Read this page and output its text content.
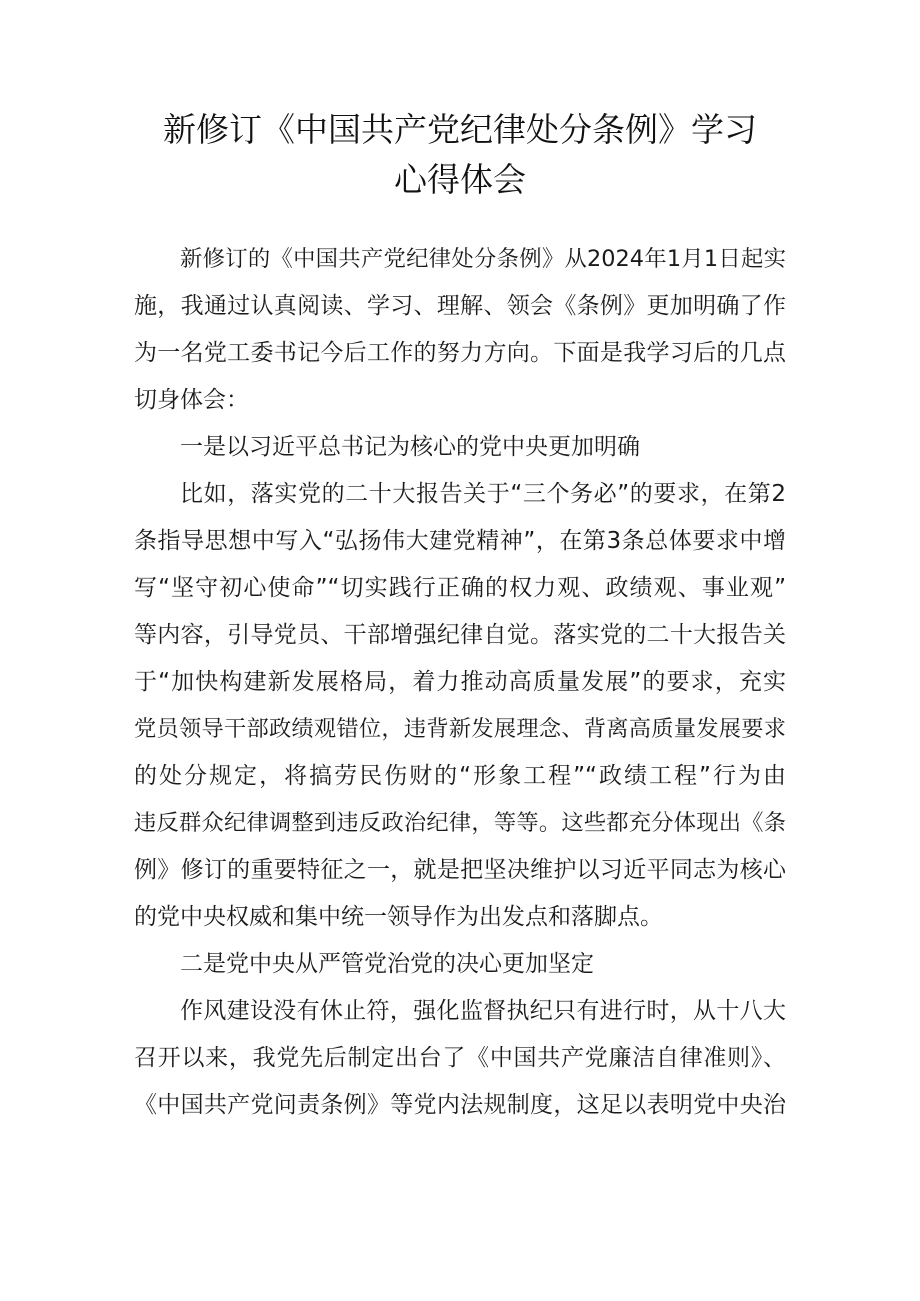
新修订《中国共产党纪律处分条例》学习
心得体会
新修订的《中国共产党纪律处分条例》从2024年1月1日起实
施，我通过认真阅读、学习、理解、领会《条例》更加明确了作
为一名党工委书记今后工作的努力方向。下面是我学习后的几点
切身体会：
一是以习近平总书记为核心的党中央更加明确
比如，落实党的二十大报告关于“三个务必”的要求，在第2
条指导思想中写入“弘扬伟大建党精神”，在第3条总体要求中增
写“坚守初心使命”“切实践行正确的权力观、政绩观、事业观”
等内容，引导党员、干部增强纪律自觉。落实党的二十大报告关
于“加快构建新发展格局，着力推动高质量发展”的要求，充实
党员领导干部政绩观错位，违背新发展理念、背离高质量发展要求
的处分规定，将搞劳民伤财的“形象工程”“政绩工程”行为由
违反群众纪律调整到违反政治纪律，等等。这些都充分体现出《条
例》修订的重要特征之一，就是把坚决维护以习近平同志为核心
的党中央权威和集中统一领导作为出发点和落脚点。
二是党中央从严管党治党的决心更加坚定
作风建设没有休止符，强化监督执纪只有进行时，从十八大
召开以来，我党先后制定出台了《中国共产党廉洁自律准则》、
《中国共产党问责条例》等党内法规制度，这足以表明党中央治
